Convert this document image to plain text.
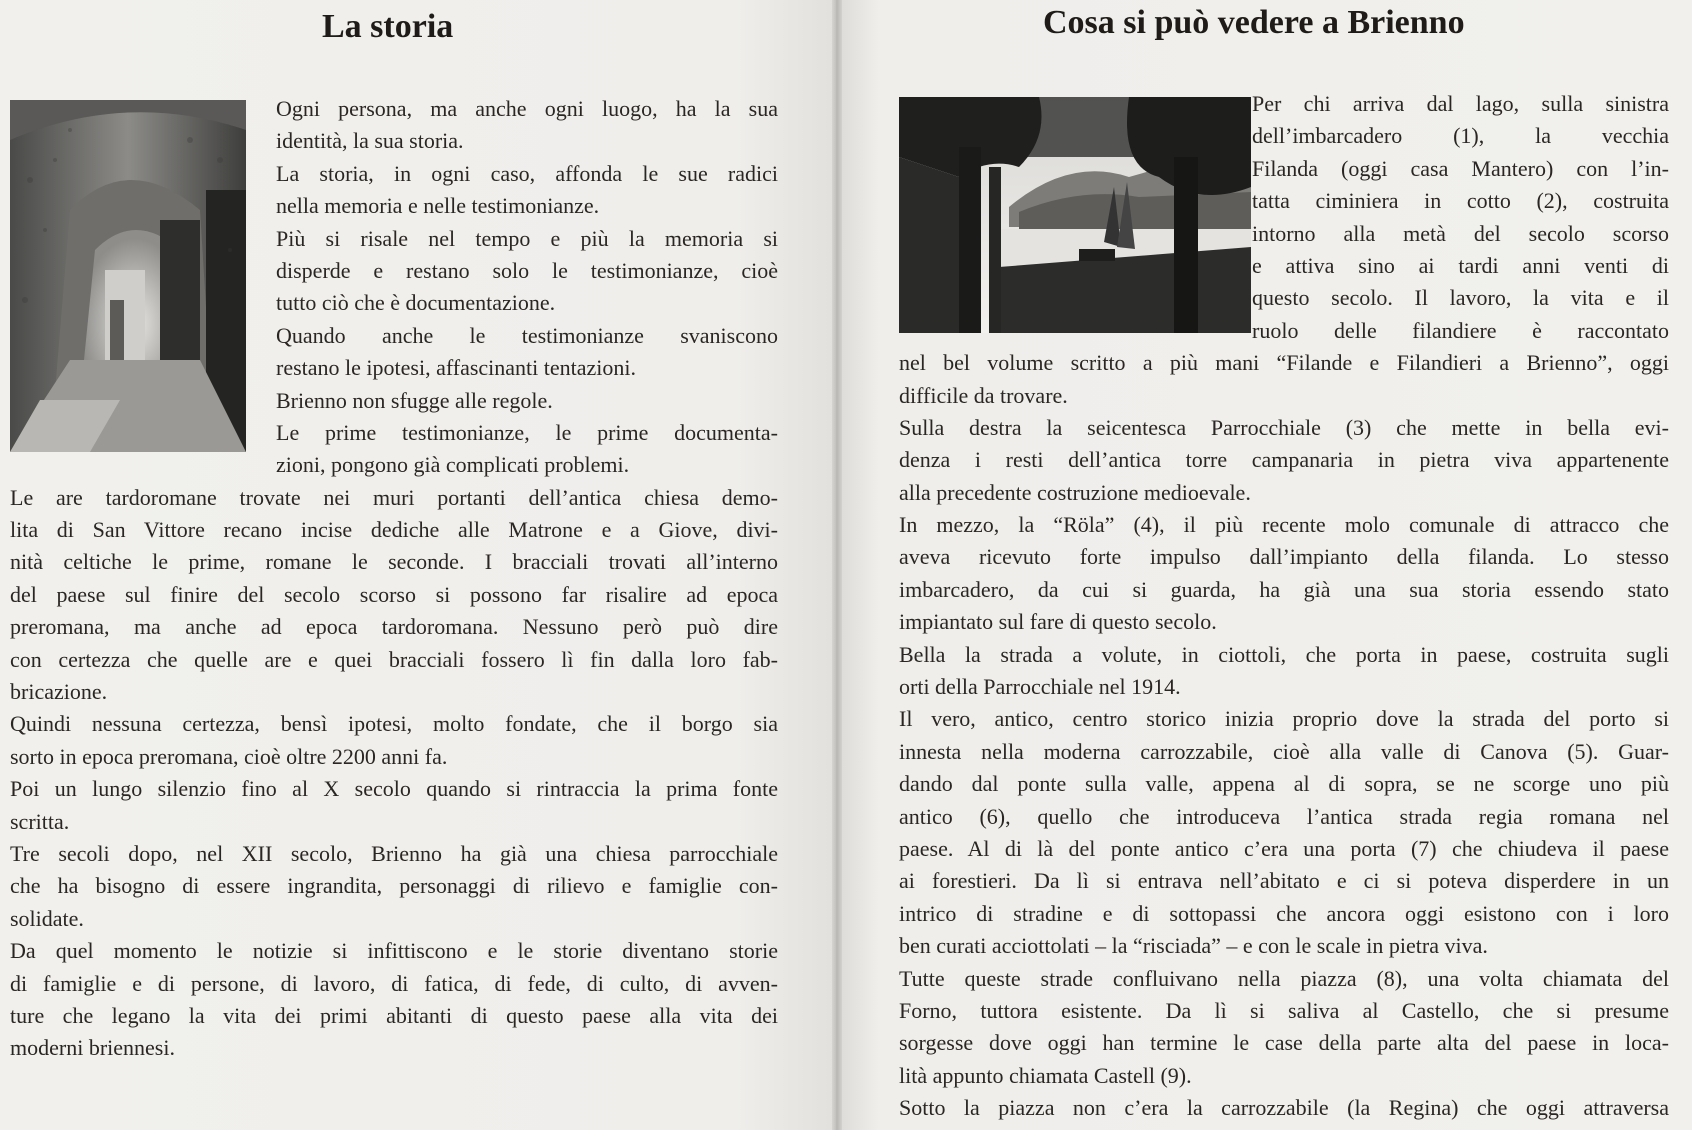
La storia
Ogni persona, ma anche ogni luogo, ha la sua
identità, la sua storia.
La storia, in ogni caso, affonda le sue radici
nella memoria e nelle testimonianze.
Più si risale nel tempo e più la memoria si
disperde e restano solo le testimonianze, cioè
tutto ciò che è documentazione.
Quando anche le testimonianze svaniscono
restano le ipotesi, affascinanti tentazioni.
Brienno non sfugge alle regole.
Le prime testimonianze, le prime documenta-
zioni, pongono già complicati problemi.
Le are tardoromane trovate nei muri portanti dell’antica chiesa demo-
lita di San Vittore recano incise dediche alle Matrone e a Giove, divi-
nità celtiche le prime, romane le seconde. I bracciali trovati all’interno
del paese sul finire del secolo scorso si possono far risalire ad epoca
preromana, ma anche ad epoca tardoromana. Nessuno però può dire
con certezza che quelle are e quei bracciali fossero lì fin dalla loro fab-
bricazione.
Quindi nessuna certezza, bensì ipotesi, molto fondate, che il borgo sia
sorto in epoca preromana, cioè oltre 2200 anni fa.
Poi un lungo silenzio fino al X secolo quando si rintraccia la prima fonte
scritta.
Tre secoli dopo, nel XII secolo, Brienno ha già una chiesa parrocchiale
che ha bisogno di essere ingrandita, personaggi di rilievo e famiglie con-
solidate.
Da quel momento le notizie si infittiscono e le storie diventano storie
di famiglie e di persone, di lavoro, di fatica, di fede, di culto, di avven-
ture che legano la vita dei primi abitanti di questo paese alla vita dei
moderni briennesi.
Cosa si può vedere a Brienno
Per chi arriva dal lago, sulla sinistra
dell’imbarcadero (1), la vecchia
Filanda (oggi casa Mantero) con l’in-
tatta ciminiera in cotto (2), costruita
intorno alla metà del secolo scorso
e attiva sino ai tardi anni venti di
questo secolo. Il lavoro, la vita e il
ruolo delle filandiere è raccontato
nel bel volume scritto a più mani “Filande e Filandieri a Brienno”, oggi
difficile da trovare.
Sulla destra la seicentesca Parrocchiale (3) che mette in bella evi-
denza i resti dell’antica torre campanaria in pietra viva appartenente
alla precedente costruzione medioevale.
In mezzo, la “Röla” (4), il più recente molo comunale di attracco che
aveva ricevuto forte impulso dall’impianto della filanda. Lo stesso
imbarcadero, da cui si guarda, ha già una sua storia essendo stato
impiantato sul fare di questo secolo.
Bella la strada a volute, in ciottoli, che porta in paese, costruita sugli
orti della Parrocchiale nel 1914.
Il vero, antico, centro storico inizia proprio dove la strada del porto si
innesta nella moderna carrozzabile, cioè alla valle di Canova (5). Guar-
dando dal ponte sulla valle, appena al di sopra, se ne scorge uno più
antico (6), quello che introduceva l’antica strada regia romana nel
paese. Al di là del ponte antico c’era una porta (7) che chiudeva il paese
ai forestieri. Da lì si entrava nell’abitato e ci si poteva disperdere in un
intrico di stradine e di sottopassi che ancora oggi esistono con i loro
ben curati acciottolati – la “risciada” – e con le scale in pietra viva.
Tutte queste strade confluivano nella piazza (8), una volta chiamata del
Forno, tuttora esistente. Da lì si saliva al Castello, che si presume
sorgesse dove oggi han termine le case della parte alta del paese in loca-
lità appunto chiamata Castell (9).
Sotto la piazza non c’era la carrozzabile (la Regina) che oggi attraversa
